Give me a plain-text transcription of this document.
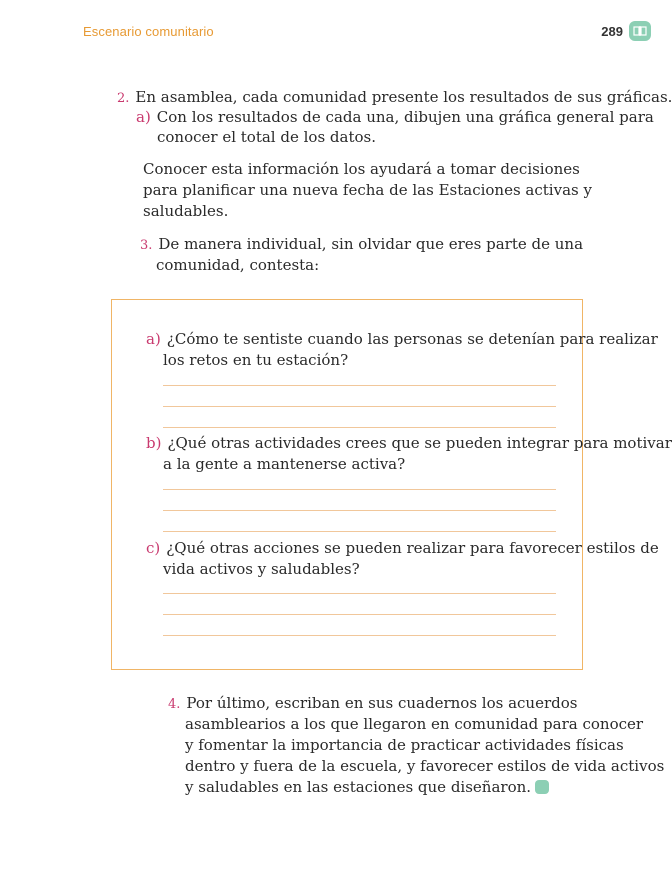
Escenario comunitario	289
2. En asamblea, cada comunidad presente los resultados de sus gráficas.
a) Con los resultados de cada una, dibujen una gráfica general para
conocer el total de los datos.
Conocer esta información los ayudará a tomar decisiones
para planificar una nueva fecha de las Estaciones activas y
saludables.
3. De manera individual, sin olvidar que eres parte de una
comunidad, contesta:
a) ¿Cómo te sentiste cuando las personas se detenían para realizar
los retos en tu estación?
b) ¿Qué otras actividades crees que se pueden integrar para motivar
a la gente a mantenerse activa?
c) ¿Qué otras acciones se pueden realizar para favorecer estilos de
vida activos y saludables?
4. Por último, escriban en sus cuadernos los acuerdos
asamblearios a los que llegaron en comunidad para conocer
y fomentar la importancia de practicar actividades físicas
dentro y fuera de la escuela, y favorecer estilos de vida activos
y saludables en las estaciones que diseñaron.
